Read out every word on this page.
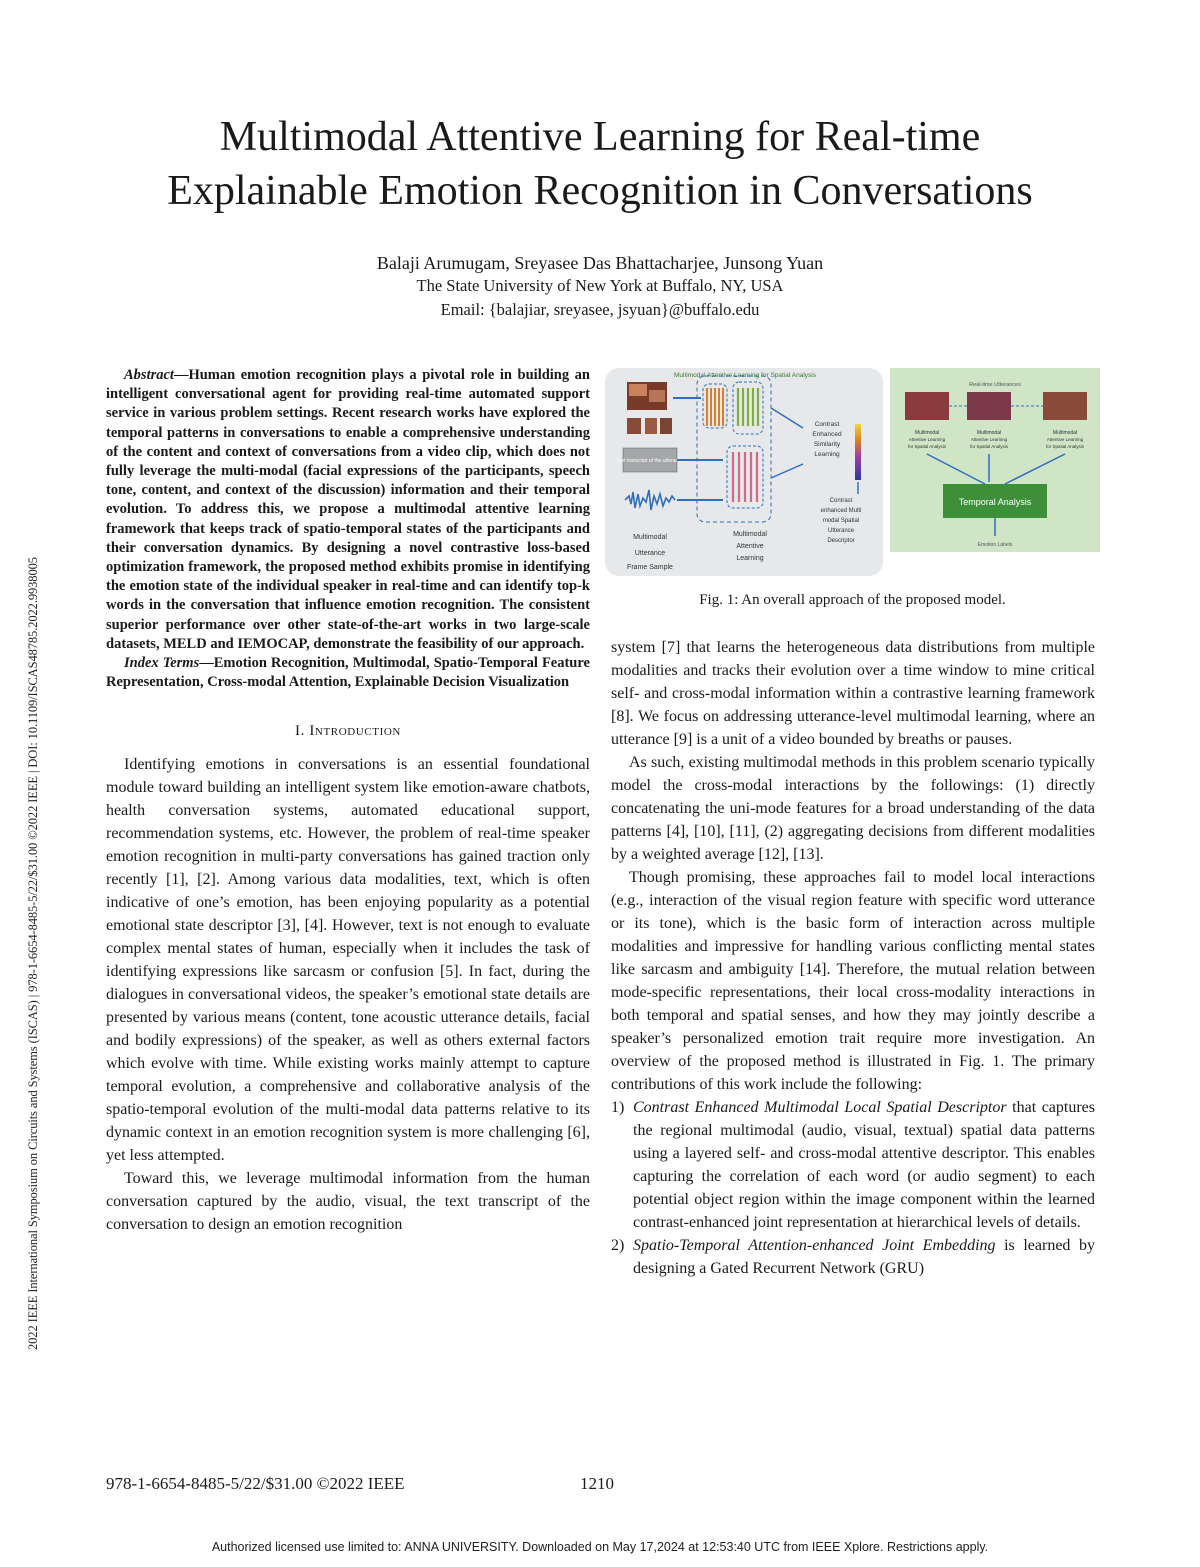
2022 IEEE International Symposium on Circuits and Systems (ISCAS) | 978-1-6654-8485-5/22/$31.00 ©2022 IEEE | DOI: 10.1109/ISCAS48785.2022.9938005
Multimodal Attentive Learning for Real-time
Explainable Emotion Recognition in Conversations
Balaji Arumugam, Sreyasee Das Bhattacharjee, Junsong Yuan
The State University of New York at Buffalo, NY, USA
Email: {balajiar, sreyasee, jsyuan}@buffalo.edu

Abstract—Human emotion recognition plays a pivotal role in building an intelligent conversational agent for providing real-time automated support service in various problem settings. Recent research works have explored the temporal patterns in conversations to enable a comprehensive understanding of the content and context of conversations from a video clip, which does not fully leverage the multi-modal (facial expressions of the participants, speech tone, content, and context of the discussion) information and their temporal evolution. To address this, we propose a multimodal attentive learning framework that keeps track of spatio-temporal states of the participants and their conversation dynamics. By designing a novel contrastive loss-based optimization framework, the proposed method exhibits promise in identifying the emotion state of the individual speaker in real-time and can identify top-k words in the conversation that influence emotion recognition. The consistent superior performance over other state-of-the-art works in two large-scale datasets, MELD and IEMOCAP, demonstrate the feasibility of our approach.

Index Terms—Emotion Recognition, Multimodal, Spatio-Temporal Feature Representation, Cross-modal Attention, Explainable Decision Visualization

I. Introduction

Identifying emotions in conversations is an essential foundational module toward building an intelligent system like emotion-aware chatbots, health conversation systems, automated educational support, recommendation systems, etc. However, the problem of real-time speaker emotion recognition in multi-party conversations has gained traction only recently [1], [2]. Among various data modalities, text, which is often indicative of one’s emotion, has been enjoying popularity as a potential emotional state descriptor [3], [4]. However, text is not enough to evaluate complex mental states of human, especially when it includes the task of identifying expressions like sarcasm or confusion [5]. In fact, during the dialogues in conversational videos, the speaker’s emotional state details are presented by various means (content, tone acoustic utterance details, facial and bodily expressions) of the speaker, as well as others external factors which evolve with time. While existing works mainly attempt to capture temporal evolution, a comprehensive and collaborative analysis of the spatio-temporal evolution of the multi-modal data patterns relative to its dynamic context in an emotion recognition system is more challenging [6], yet less attempted.

Toward this, we leverage multimodal information from the human conversation captured by the audio, visual, the text transcript of the conversation to design an emotion recognition

Multimodal Attentive Learning for Spatial Analysis
Text transcript of the utterance
Multimodal
Utterance
Frame Sample
Multimodal
Attentive
Learning
Contrast
Enhanced
Similarity
Learning
Contrast
enhanced Multi
modal Spatial
Utterance
Descriptor
Real-time Utterances
Multimodal
Attentive Learning
for Spatial Analysis
Multimodal
Attentive Learning
for Spatial Analysis
Multimodal
Attentive Learning
for Spatial Analysis
Temporal Analysis
Emotion Labels
Fig. 1: An overall approach of the proposed model.

system [7] that learns the heterogeneous data distributions from multiple modalities and tracks their evolution over a time window to mine critical self- and cross-modal information within a contrastive learning framework [8]. We focus on addressing utterance-level multimodal learning, where an utterance [9] is a unit of a video bounded by breaths or pauses.

As such, existing multimodal methods in this problem scenario typically model the cross-modal interactions by the followings: (1) directly concatenating the uni-mode features for a broad understanding of the data patterns [4], [10], [11], (2) aggregating decisions from different modalities by a weighted average [12], [13].

Though promising, these approaches fail to model local interactions (e.g., interaction of the visual region feature with specific word utterance or its tone), which is the basic form of interaction across multiple modalities and impressive for handling various conflicting mental states like sarcasm and ambiguity [14]. Therefore, the mutual relation between mode-specific representations, their local cross-modality interactions in both temporal and spatial senses, and how they may jointly describe a speaker’s personalized emotion trait require more investigation. An overview of the proposed method is illustrated in Fig. 1. The primary contributions of this work include the following:

1) Contrast Enhanced Multimodal Local Spatial Descriptor that captures the regional multimodal (audio, visual, textual) spatial data patterns using a layered self- and cross-modal attentive descriptor. This enables capturing the correlation of each word (or audio segment) to each potential object region within the image component within the learned contrast-enhanced joint representation at hierarchical levels of details.
2) Spatio-Temporal Attention-enhanced Joint Embedding is learned by designing a Gated Recurrent Network (GRU)
978-1-6654-8485-5/22/$31.00 ©2022 IEEE	1210
Authorized licensed use limited to: ANNA UNIVERSITY. Downloaded on May 17,2024 at 12:53:40 UTC from IEEE Xplore. Restrictions apply.
